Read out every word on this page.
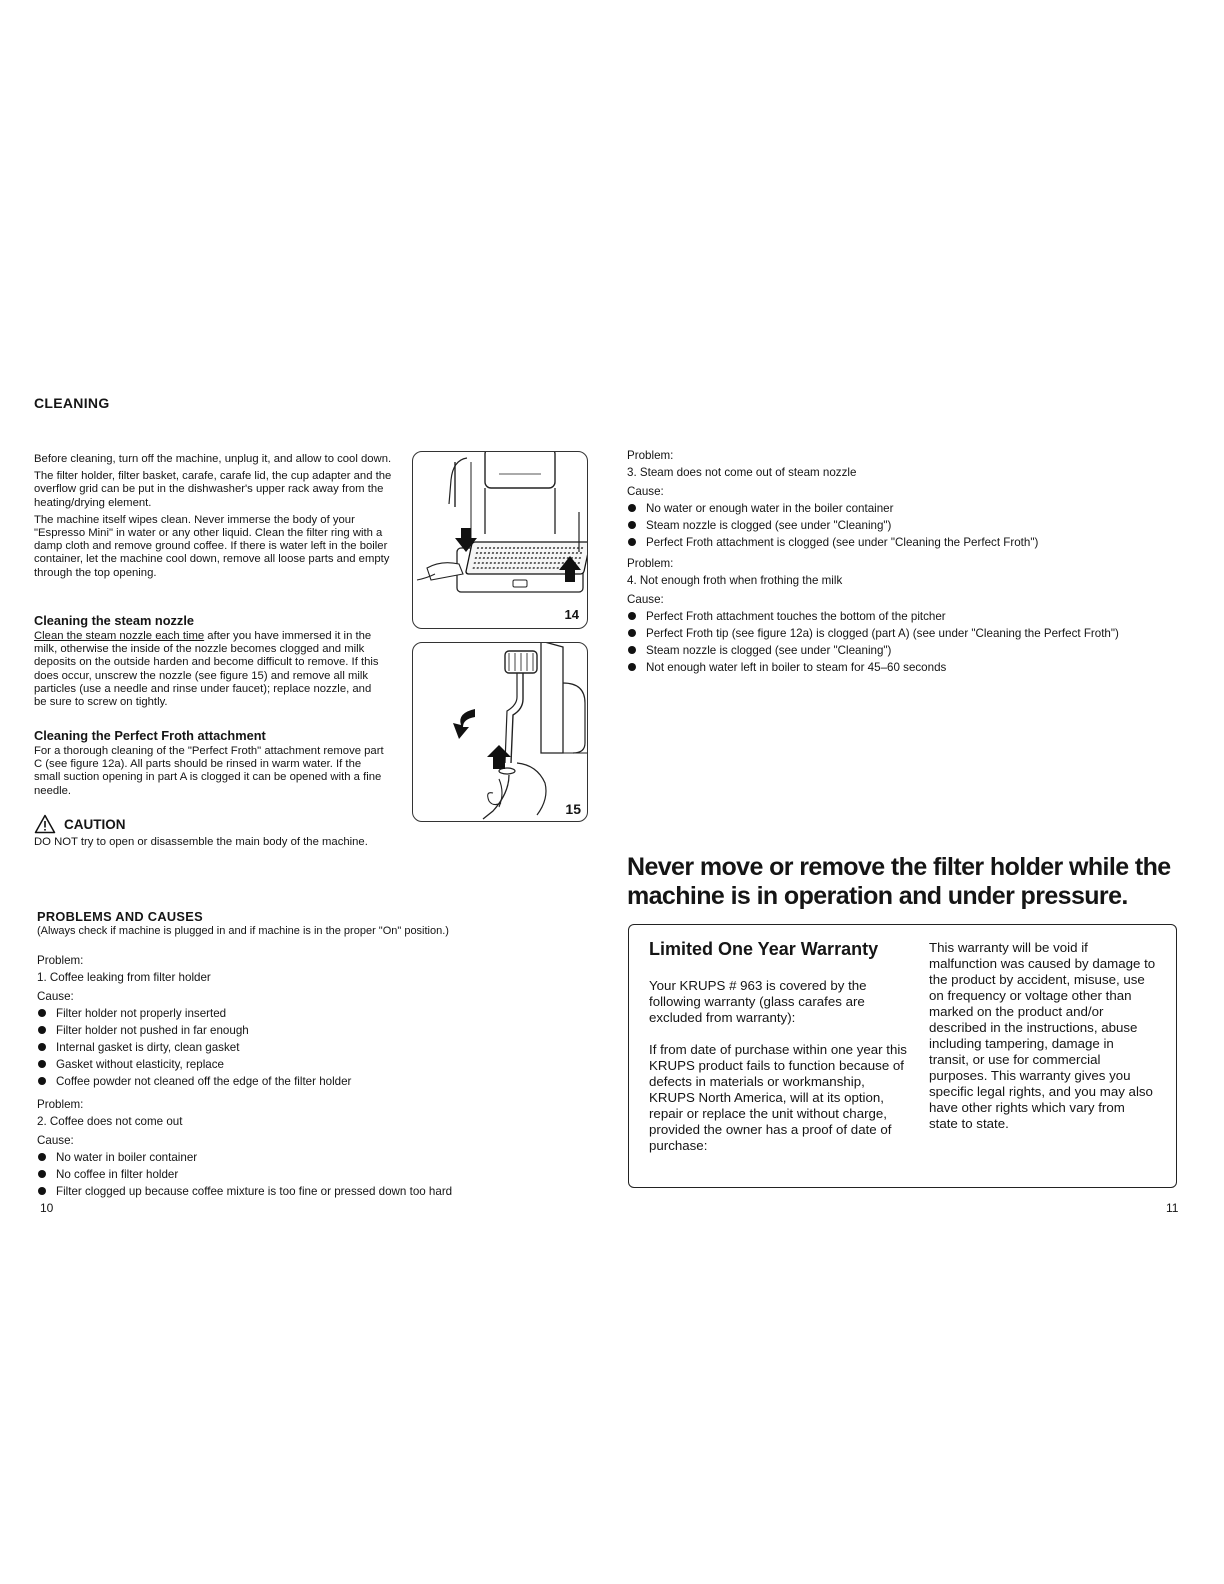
CLEANING

Before cleaning, turn off the machine, unplug it, and allow to cool down.

The filter holder, filter basket, carafe, carafe lid, the cup adapter and the overflow grid can be put in the dishwasher's upper rack away from the heating/drying element.

The machine itself wipes clean. Never immerse the body of your "Espresso Mini" in water or any other liquid. Clean the filter ring with a damp cloth and remove ground coffee. If there is water left in the boiler container, let the machine cool down, remove all loose parts and empty through the top opening.

Cleaning the steam nozzle

Clean the steam nozzle each time after you have immersed it in the milk, otherwise the inside of the nozzle becomes clogged and milk deposits on the outside harden and become difficult to remove. If this does occur, unscrew the nozzle (see figure 15) and remove all milk particles (use a needle and rinse under faucet); replace nozzle, and be sure to screw on tightly.

Cleaning the Perfect Froth attachment

For a thorough cleaning of the "Perfect Froth" attachment remove part C (see figure 12a). All parts should be rinsed in warm water. If the small suction opening in part A is clogged it can be opened with a fine needle.

CAUTION

DO NOT try to open or disassemble the main body of the machine.

14
15
PROBLEMS AND CAUSES
(Always check if machine is plugged in and if machine is in the proper "On" position.)
Problem:
1. Coffee leaking from filter holder
Cause:
Filter holder not properly inserted
Filter holder not pushed in far enough
Internal gasket is dirty, clean gasket
Gasket without elasticity, replace
Coffee powder not cleaned off the edge of the filter holder
Problem:
2. Coffee does not come out
Cause:
No water in boiler container
No coffee in filter holder
Filter clogged up because coffee mixture is too fine or pressed down too hard
10
Problem:
3. Steam does not come out of steam nozzle
Cause:
No water or enough water in the boiler container
Steam nozzle is clogged (see under "Cleaning")
Perfect Froth attachment is clogged (see under "Cleaning the Perfect Froth")
Problem:
4. Not enough froth when frothing the milk
Cause:
Perfect Froth attachment touches the bottom of the pitcher
Perfect Froth tip (see figure 12a) is clogged (part A) (see under "Cleaning the Perfect Froth")
Steam nozzle is clogged (see under "Cleaning")
Not enough water left in boiler to steam for 45–60 seconds
Never move or remove the filter holder while the machine is in operation and under pressure.
Limited One Year Warranty

Your KRUPS # 963 is covered by the following warranty (glass carafes are excluded from warranty):

If from date of purchase within one year this KRUPS product fails to function because of defects in materials or workmanship, KRUPS North America, will at its option, repair or replace the unit without charge, provided the owner has a proof of date of purchase:

This warranty will be void if malfunction was caused by damage to the product by accident, misuse, use on frequency or voltage other than marked on the product and/or described in the instructions, abuse including tampering, damage in transit, or use for commercial purposes. This warranty gives you specific legal rights, and you may also have other rights which vary from state to state.

11
